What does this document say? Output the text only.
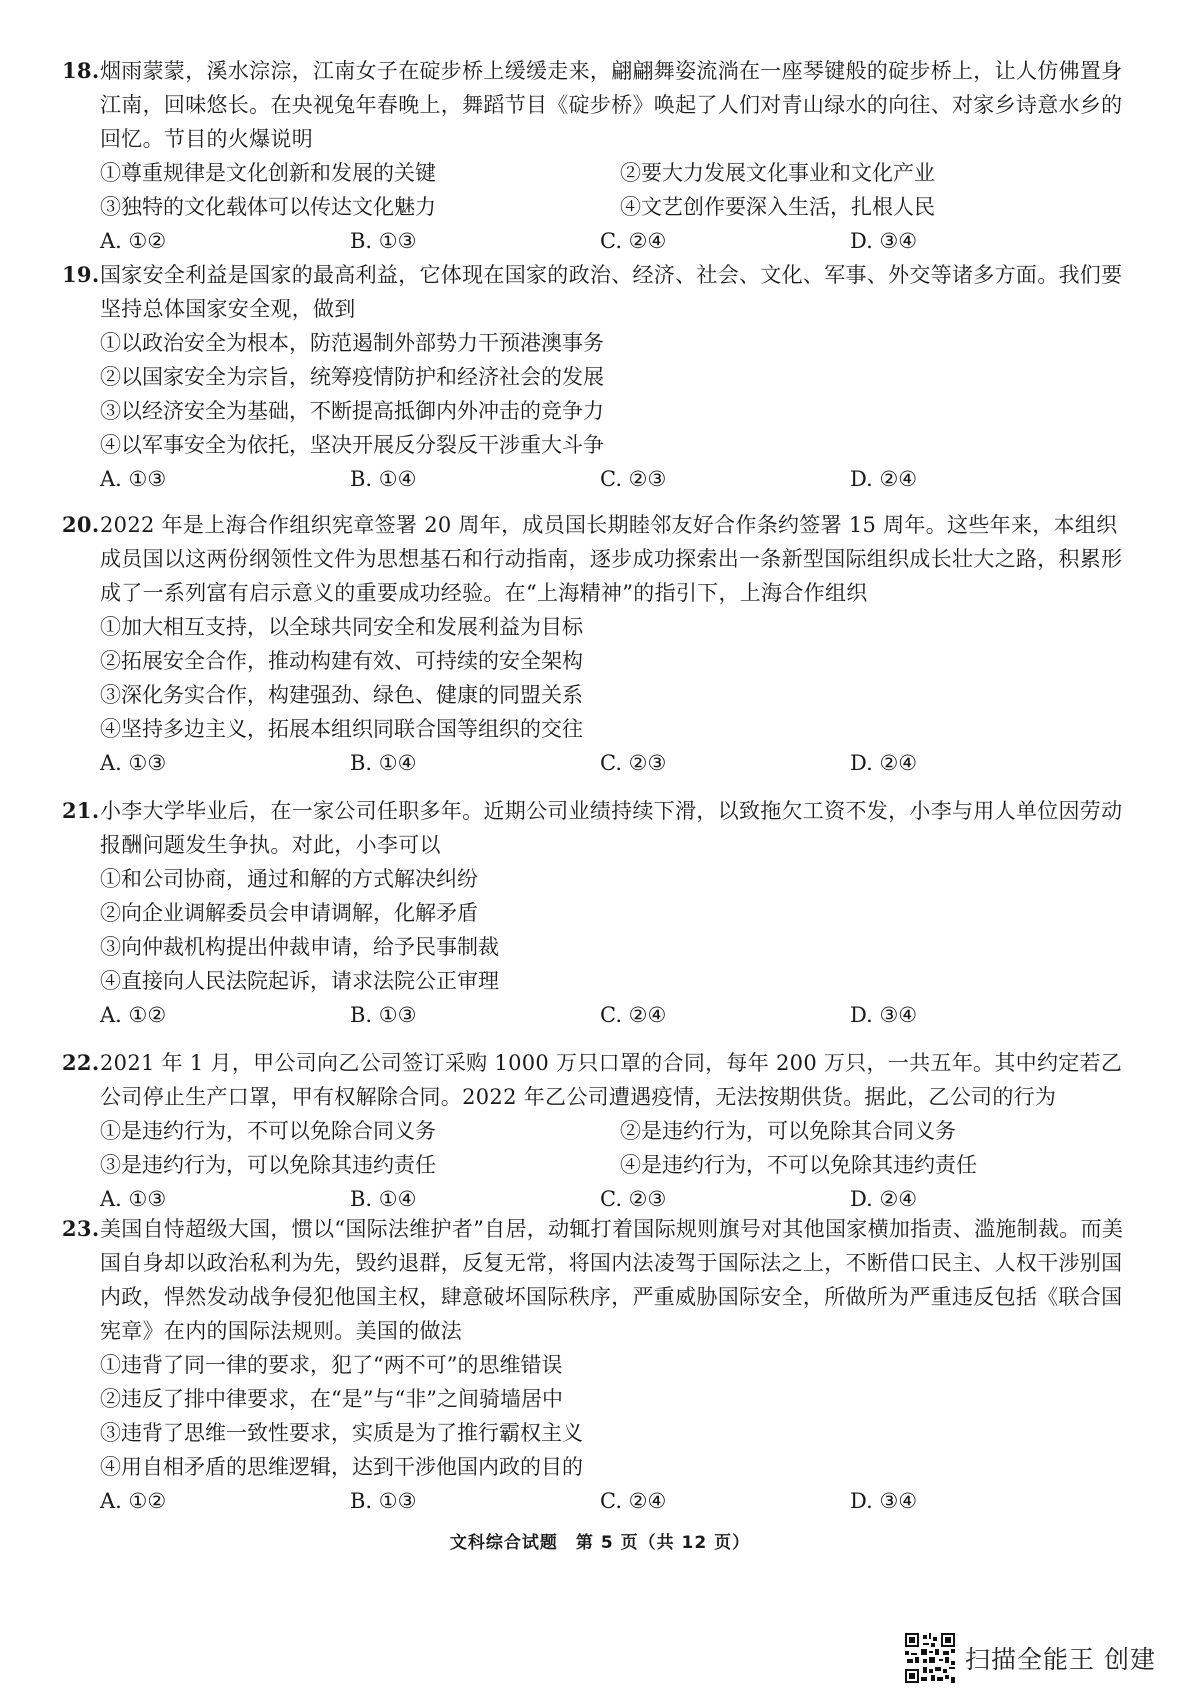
18.烟雨蒙蒙，溪水淙淙，江南女子在碇步桥上缓缓走来，翩翩舞姿流淌在一座琴键般的碇步桥上，让人仿佛置身江南，回味悠长。在央视兔年春晚上，舞蹈节目《碇步桥》唤起了人们对青山绿水的向往、对家乡诗意水乡的回忆。节目的火爆说明

①尊重规律是文化创新和发展的关键	②要大力发展文化事业和文化产业
③独特的文化载体可以传达文化魅力	④文艺创作要深入生活，扎根人民
A. ①②	B. ①③	C. ②④	D. ③④

19.国家安全利益是国家的最高利益，它体现在国家的政治、经济、社会、文化、军事、外交等诸多方面。我们要坚持总体国家安全观，做到

①以政治安全为根本，防范遏制外部势力干预港澳事务
②以国家安全为宗旨，统筹疫情防护和经济社会的发展
③以经济安全为基础，不断提高抵御内外冲击的竞争力
④以军事安全为依托，坚决开展反分裂反干涉重大斗争
A. ①③	B. ①④	C. ②③	D. ②④

20.2022 年是上海合作组织宪章签署 20 周年，成员国长期睦邻友好合作条约签署 15 周年。这些年来，本组织成员国以这两份纲领性文件为思想基石和行动指南，逐步成功探索出一条新型国际组织成长壮大之路，积累形成了一系列富有启示意义的重要成功经验。在“上海精神”的指引下，上海合作组织

①加大相互支持，以全球共同安全和发展利益为目标
②拓展安全合作，推动构建有效、可持续的安全架构
③深化务实合作，构建强劲、绿色、健康的同盟关系
④坚持多边主义，拓展本组织同联合国等组织的交往
A. ①③	B. ①④	C. ②③	D. ②④

21.小李大学毕业后，在一家公司任职多年。近期公司业绩持续下滑，以致拖欠工资不发，小李与用人单位因劳动报酬问题发生争执。对此，小李可以

①和公司协商，通过和解的方式解决纠纷
②向企业调解委员会申请调解，化解矛盾
③向仲裁机构提出仲裁申请，给予民事制裁
④直接向人民法院起诉，请求法院公正审理
A. ①②	B. ①③	C. ②④	D. ③④

22.2021 年 1 月，甲公司向乙公司签订采购 1000 万只口罩的合同，每年 200 万只，一共五年。其中约定若乙公司停止生产口罩，甲有权解除合同。2022 年乙公司遭遇疫情，无法按期供货。据此，乙公司的行为

①是违约行为，不可以免除合同义务	②是违约行为，可以免除其合同义务
③是违约行为，可以免除其违约责任	④是违约行为，不可以免除其违约责任
A. ①③	B. ①④	C. ②③	D. ②④

23.美国自恃超级大国，惯以“国际法维护者”自居，动辄打着国际规则旗号对其他国家横加指责、滥施制裁。而美国自身却以政治私利为先，毁约退群，反复无常，将国内法凌驾于国际法之上，不断借口民主、人权干涉别国内政，悍然发动战争侵犯他国主权，肆意破坏国际秩序，严重威胁国际安全，所做所为严重违反包括《联合国宪章》在内的国际法规则。美国的做法

①违背了同一律的要求，犯了“两不可”的思维错误
②违反了排中律要求，在“是”与“非”之间骑墙居中
③违背了思维一致性要求，实质是为了推行霸权主义
④用自相矛盾的思维逻辑，达到干涉他国内政的目的
A. ①②	B. ①③	C. ②④	D. ③④
文科综合试题　第 5 页（共 12 页）
扫描全能王 创建
